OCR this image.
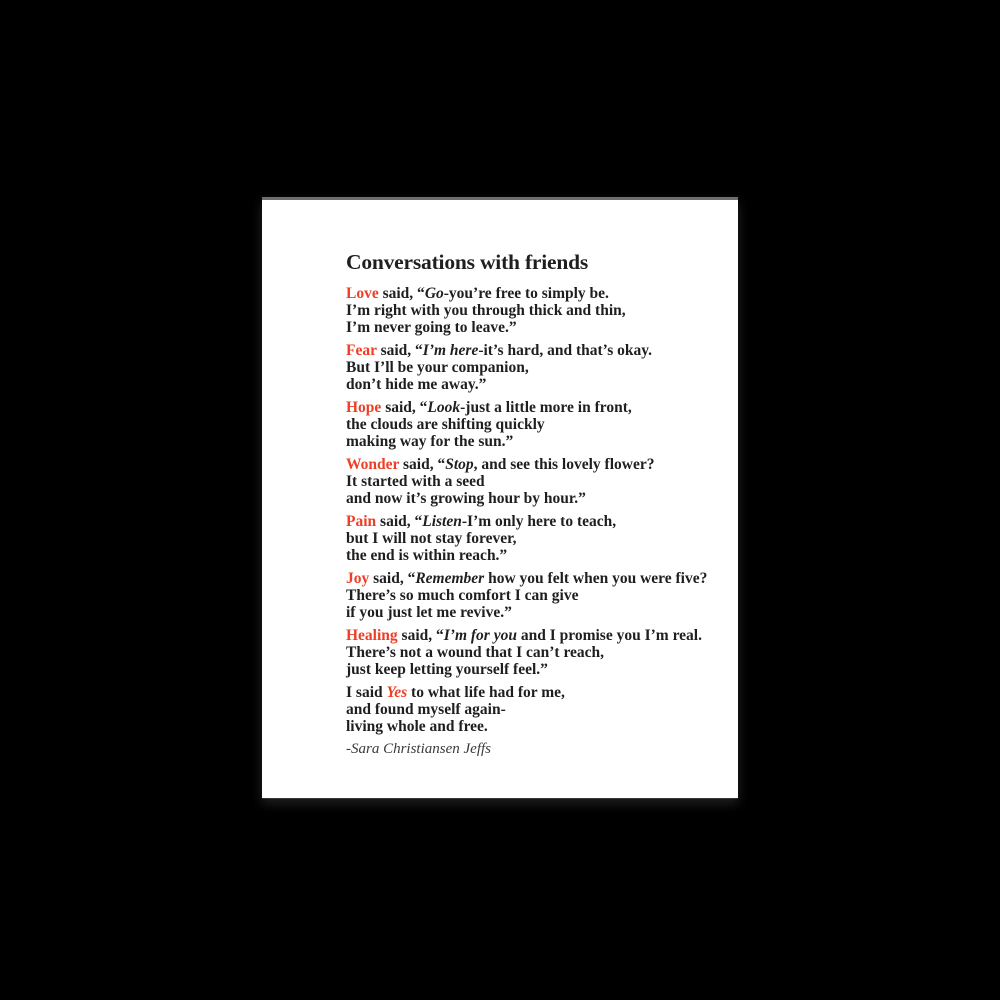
Conversations with friends
Love said, “Go-you’re free to simply be.
I’m right with you through thick and thin,
I’m never going to leave.”
Fear said, “I’m here-it’s hard, and that’s okay.
But I’ll be your companion,
don’t hide me away.”
Hope said, “Look-just a little more in front,
the clouds are shifting quickly
making way for the sun.”
Wonder said, “Stop, and see this lovely flower?
It started with a seed
and now it’s growing hour by hour.”
Pain said, “Listen-I’m only here to teach,
but I will not stay forever,
the end is within reach.”
Joy said, “Remember how you felt when you were five?
There’s so much comfort I can give
if you just let me revive.”
Healing said, “I’m for you and I promise you I’m real.
There’s not a wound that I can’t reach,
just keep letting yourself feel.”
I said Yes to what life had for me,
and found myself again-
living whole and free.
-Sara Christiansen Jeffs
